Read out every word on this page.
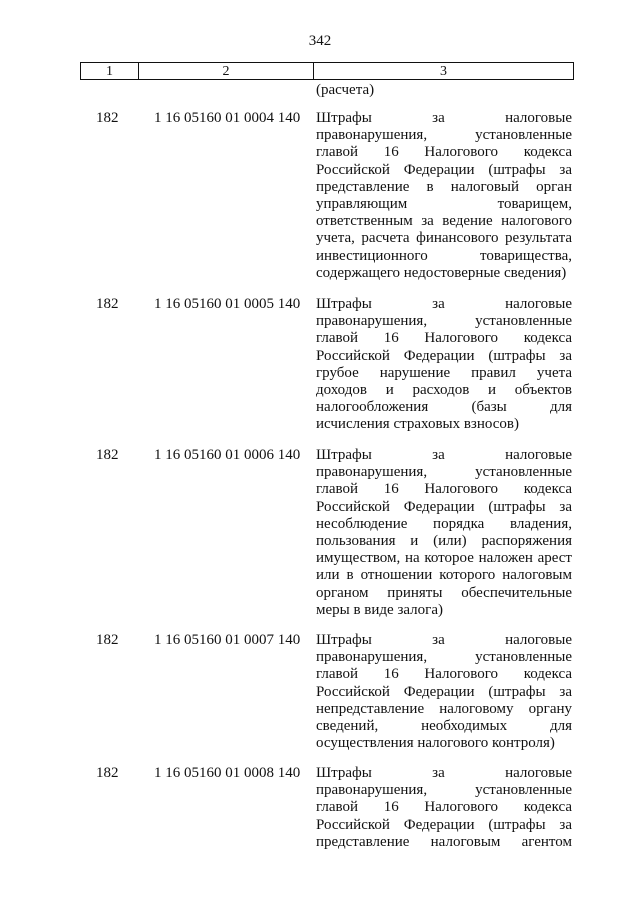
342
1	2	3
(расчета)
182 1 16 05160 01 0004 140 Штрафы за налоговые
правонарушения, установленные
главой 16 Налогового кодекса
Российской Федерации (штрафы за
представление в налоговый орган
управляющим товарищем,
ответственным за ведение налогового
учета, расчета финансового результата
инвестиционного товарищества,
содержащего недостоверные сведения)
182 1 16 05160 01 0005 140 Штрафы за налоговые
правонарушения, установленные
главой 16 Налогового кодекса
Российской Федерации (штрафы за
грубое нарушение правил учета
доходов и расходов и объектов
налогообложения (базы для
исчисления страховых взносов)
182 1 16 05160 01 0006 140 Штрафы за налоговые
правонарушения, установленные
главой 16 Налогового кодекса
Российской Федерации (штрафы за
несоблюдение порядка владения,
пользования и (или) распоряжения
имуществом, на которое наложен арест
или в отношении которого налоговым
органом приняты обеспечительные
меры в виде залога)
182 1 16 05160 01 0007 140 Штрафы за налоговые
правонарушения, установленные
главой 16 Налогового кодекса
Российской Федерации (штрафы за
непредставление налоговому органу
сведений, необходимых для
осуществления налогового контроля)
182 1 16 05160 01 0008 140 Штрафы за налоговые
правонарушения, установленные
главой 16 Налогового кодекса
Российской Федерации (штрафы за
представление налоговым агентом
